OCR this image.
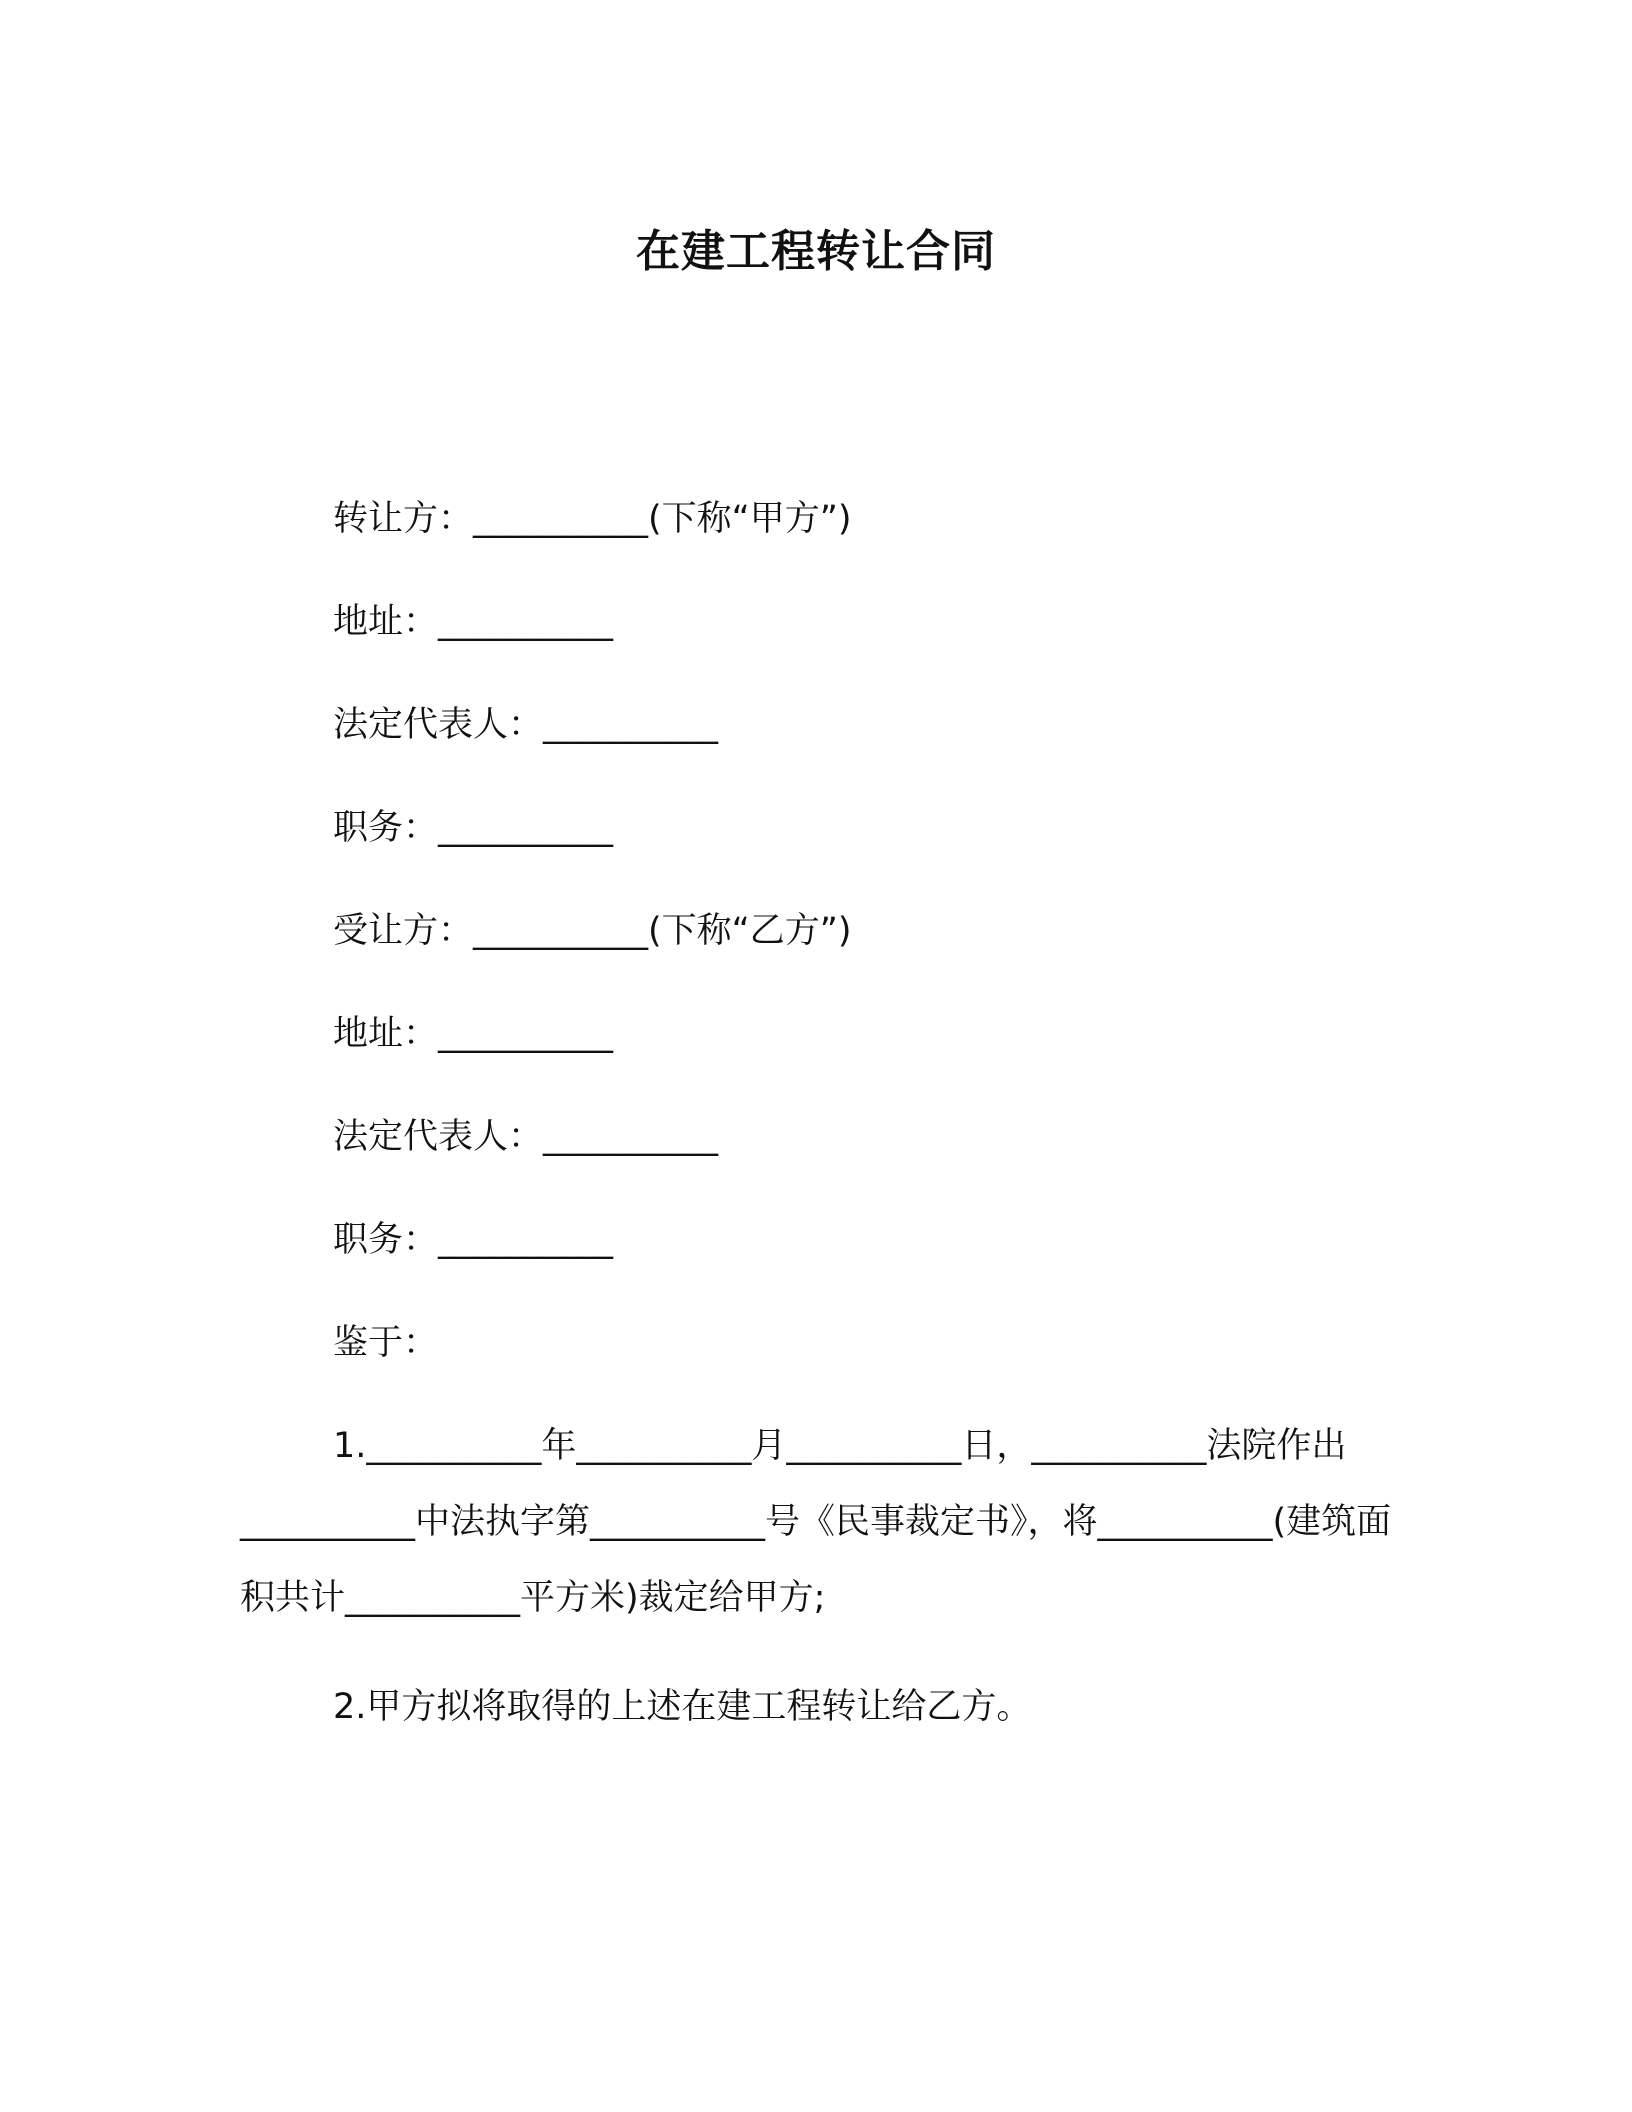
在建工程转让合同
转让方：__________(下称“甲方”)
地址：__________
法定代表人：__________
职务：__________
受让方：__________(下称“乙方”)
地址：__________
法定代表人：__________
职务：__________
鉴于：

1.__________年__________月__________日，__________法院作出__________中法执字第__________号《民事裁定书》，将__________(建筑面积共计__________平方米)裁定给甲方;

2.甲方拟将取得的上述在建工程转让给乙方。
